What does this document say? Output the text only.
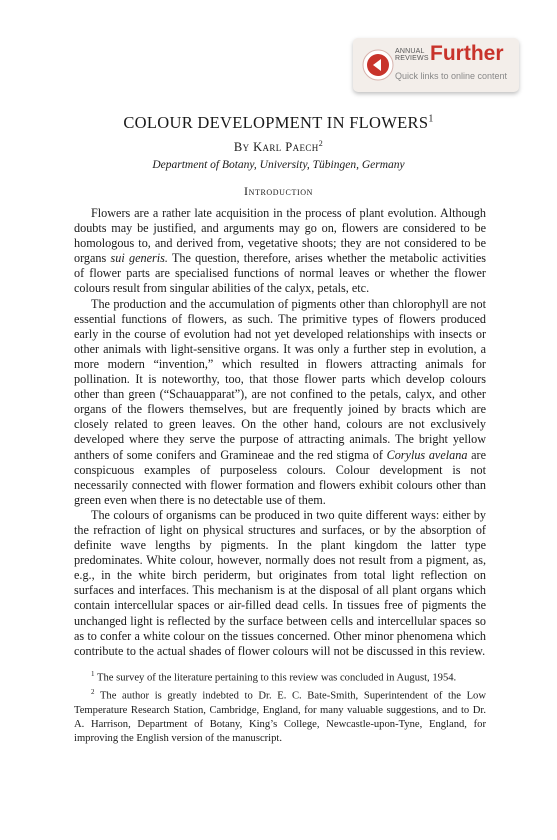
ANNUAL
REVIEWS Further
Quick links to online content
COLOUR DEVELOPMENT IN FLOWERS$^1$
By Karl Paech$^2$
Department of Botany, University, Tübingen, Germany
Introduction

Flowers are a rather late acquisition in the process of plant evolution. Although doubts may be justified, and arguments may go on, flowers are considered to be homologous to, and derived from, vegetative shoots; they are not considered to be organs sui generis. The question, therefore, arises whether the metabolic activities of flower parts are specialised functions of normal leaves or whether the flower colours result from singular abilities of the calyx, petals, etc.

The production and the accumulation of pigments other than chlorophyll are not essential functions of flowers, as such. The primitive types of flowers produced early in the course of evolution had not yet developed relationships with insects or other animals with light-sensitive organs. It was only a further step in evolution, a more modern “invention,” which resulted in flowers attracting animals for pollination. It is noteworthy, too, that those flower parts which develop colours other than green (“Schauapparat”), are not confined to the petals, calyx, and other organs of the flowers themselves, but are frequently joined by bracts which are closely related to green leaves. On the other hand, colours are not exclusively developed where they serve the purpose of attracting animals. The bright yellow anthers of some conifers and Gramineae and the red stigma of Corylus avelana are conspicuous examples of purposeless colours. Colour development is not necessarily connected with flower formation and flowers exhibit colours other than green even when there is no detectable use of them.

The colours of organisms can be produced in two quite different ways: either by the refraction of light on physical structures and surfaces, or by the absorption of definite wave lengths by pigments. In the plant kingdom the latter type predominates. White colour, however, normally does not result from a pigment, as, e.g., in the white birch periderm, but originates from total light reflection on surfaces and interfaces. This mechanism is at the disposal of all plant organs which contain intercellular spaces or air-filled dead cells. In tissues free of pigments the unchanged light is reflected by the surface between cells and intercellular spaces so as to confer a white colour on the tissues concerned. Other minor phenomena which contribute to the actual shades of flower colours will not be discussed in this review.

$^1$ The survey of the literature pertaining to this review was concluded in August, 1954.

$^2$ The author is greatly indebted to Dr. E. C. Bate-Smith, Superintendent of the Low Temperature Research Station, Cambridge, England, for many valuable suggestions, and to Dr. A. Harrison, Department of Botany, King’s College, Newcastle-upon-Tyne, England, for improving the English version of the manuscript.
